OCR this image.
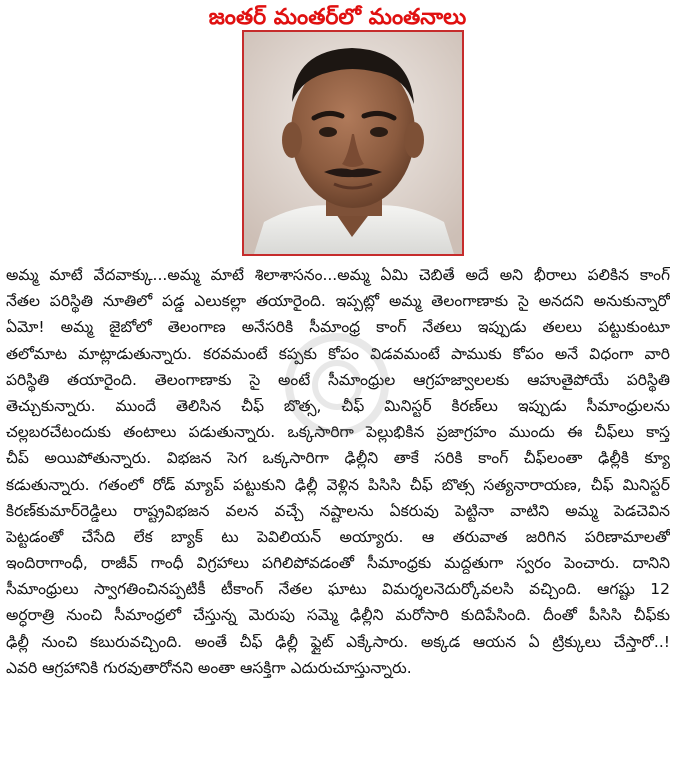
జంతర్ మంతర్‌లో మంతనాలు
అమ్మ మాటే వేదవాక్కు...అమ్మ మాటే శిలాశాసనం...అమ్మ ఏమి చెబితే అదే అని భీరాలు పలికిన కాంగ్
నేతల పరిస్థితి నూతిలో పడ్డ ఎలుకల్లా తయారైంది. ఇప్పట్లో అమ్మ తెలంగాణాకు సై అనదని అనుకున్నారో
ఏమో! అమ్మ జైబోలో తెలంగాణ అనేసరికి సీమాంధ్ర కాంగ్ నేతలు ఇప్పుడు తలలు పట్టుకుంటూ
తలోమాట మాట్లాడుతున్నారు. కరవమంటే కప్పకు కోపం విడవమంటే పాముకు కోపం అనే విధంగా వారి
పరిస్థితి తయారైంది. తెలంగాణాకు సై అంటే సీమాంధ్రుల ఆగ్రహజ్వాలలకు ఆహుతైపోయే పరిస్థితి
తెచ్చుకున్నారు. ముందే తెలిసిన చీఫ్ బొత్స, చీఫ్ మినిస్టర్ కిరణ్‌లు ఇప్పుడు సీమాంధ్రులను
చల్లబరచేటందుకు తంటాలు పడుతున్నారు. ఒక్కసారిగా పెల్లుభికిన ప్రజాగ్రహం ముందు ఈ చీఫ్‌లు కాస్త
చీప్ అయిపోతున్నారు. విభజన సెగ ఒక్కసారిగా ఢిల్లీని తాకే సరికి కాంగ్ చీఫ్‌లంతా ఢిల్లీకి క్యూ
కడుతున్నారు. గతంలో రోడ్ మ్యాప్ పట్టుకుని ఢిల్లీ వెళ్లిన పిసిసి చీఫ్ బొత్స సత్యనారాయణ, చీఫ్ మినిస్టర్
కిరణ్‌కుమార్‌రెడ్డిలు రాష్ట్రవిభజన వలన వచ్చే నష్టాలను ఏకరువు పెట్టినా వాటిని అమ్మ పెడచెవిన
పెట్టడంతో చేసేది లేక బ్యాక్ టు పెవిలియన్ అయ్యారు. ఆ తరువాత జరిగిన పరిణామాలతో
ఇందిరాగాంధీ, రాజీవ్ గాంధీ విగ్రహాలు పగిలిపోవడంతో సీమాంధ్రకు మద్దతుగా స్వరం పెంచారు. దానిని
సీమాంధ్రులు స్వాగతించినప్పటికీ టీకాంగ్ నేతల ఘాటు విమర్శలనెదుర్కోవలసి వచ్చింది. ఆగష్టు 12
అర్ధరాత్రి నుంచి సీమాంధ్రలో చేస్తున్న మెరుపు సమ్మె ఢిల్లీని మరోసారి కుదిపేసింది. దీంతో పీసిసి చీఫ్‌కు
ఢిల్లీ నుంచి కబురువచ్చింది. అంతే చీఫ్ ఢిల్లీ ఫ్లైట్ ఎక్కేసారు. అక్కడ ఆయన ఏ ట్రిక్కులు చేస్తారో..!
ఎవరి ఆగ్రహానికి గురవుతారోనని అంతా ఆసక్తిగా ఎదురుచూస్తున్నారు.
